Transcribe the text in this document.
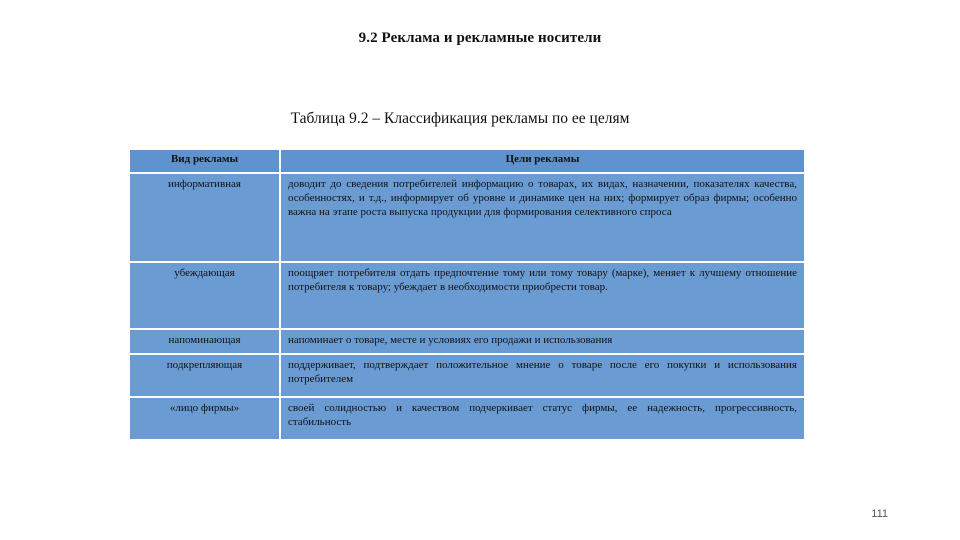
9.2 Реклама и рекламные носители
Таблица 9.2 – Классификация рекламы по ее целям
Вид рекламы	Цели рекламы
информативная	доводит до сведения потребителей информацию о товарах, их видах, назначении, показателях качества, особенностях, и т.д., информирует об уровне и динамике цен на них; формирует образ фирмы; особенно важна на этапе роста выпуска продукции для формирования селективного спроса
убеждающая	поощряет потребителя отдать предпочтение тому или тому товару (марке), меняет к лучшему отношение потребителя к товару; убеждает в необходимости приобрести товар.
напоминающая	напоминает о товаре, месте и условиях его продажи и использования
подкрепляющая	поддерживает, подтверждает положительное мнение о товаре после его покупки и использования потребителем
«лицо фирмы»	своей солидностью и качеством подчеркивает статус фирмы, ее надежность, прогрессивность, стабильность
111
